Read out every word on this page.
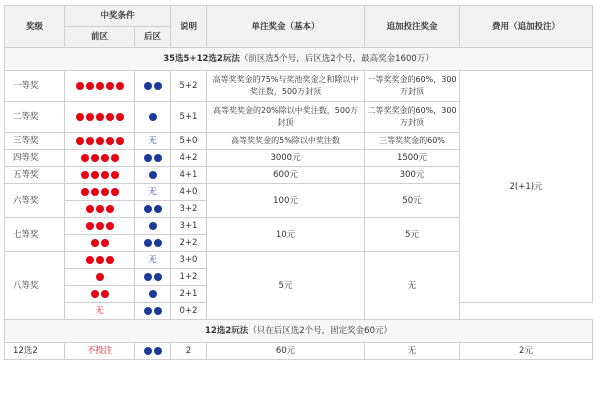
奖级	中奖条件		说明	单注奖金（基本）	追加投注奖金	费用（追加投注）
	前区	后区				
35选5+12选2玩法（前区选5个号，后区选2个号，最高奖金1600万）						
一等奖			5+2	高等奖奖金的75%与奖池奖金之和除以中奖注数，500万封顶	一等奖奖金的60%，300万封顶	2(+1)元
二等奖			5+1	高等奖奖金的20%除以中奖注数，500万封顶	二等奖奖金的60%，300万封顶	
三等奖		无	5+0	高等奖奖金的5%除以中奖注数	三等奖奖金的60%	
四等奖			4+2	3000元	1500元	
五等奖			4+1	600元	300元	
六等奖		无	4+0	100元	50元	
			3+2			
七等奖			3+1	10元	5元	
			2+2			
八等奖		无	3+0	5元	无	
			1+2			
			2+1			
	无		0+2			
12选2玩法（只在后区选2个号，固定奖金60元）						
12选2	不投注		2	60元	无	2元
